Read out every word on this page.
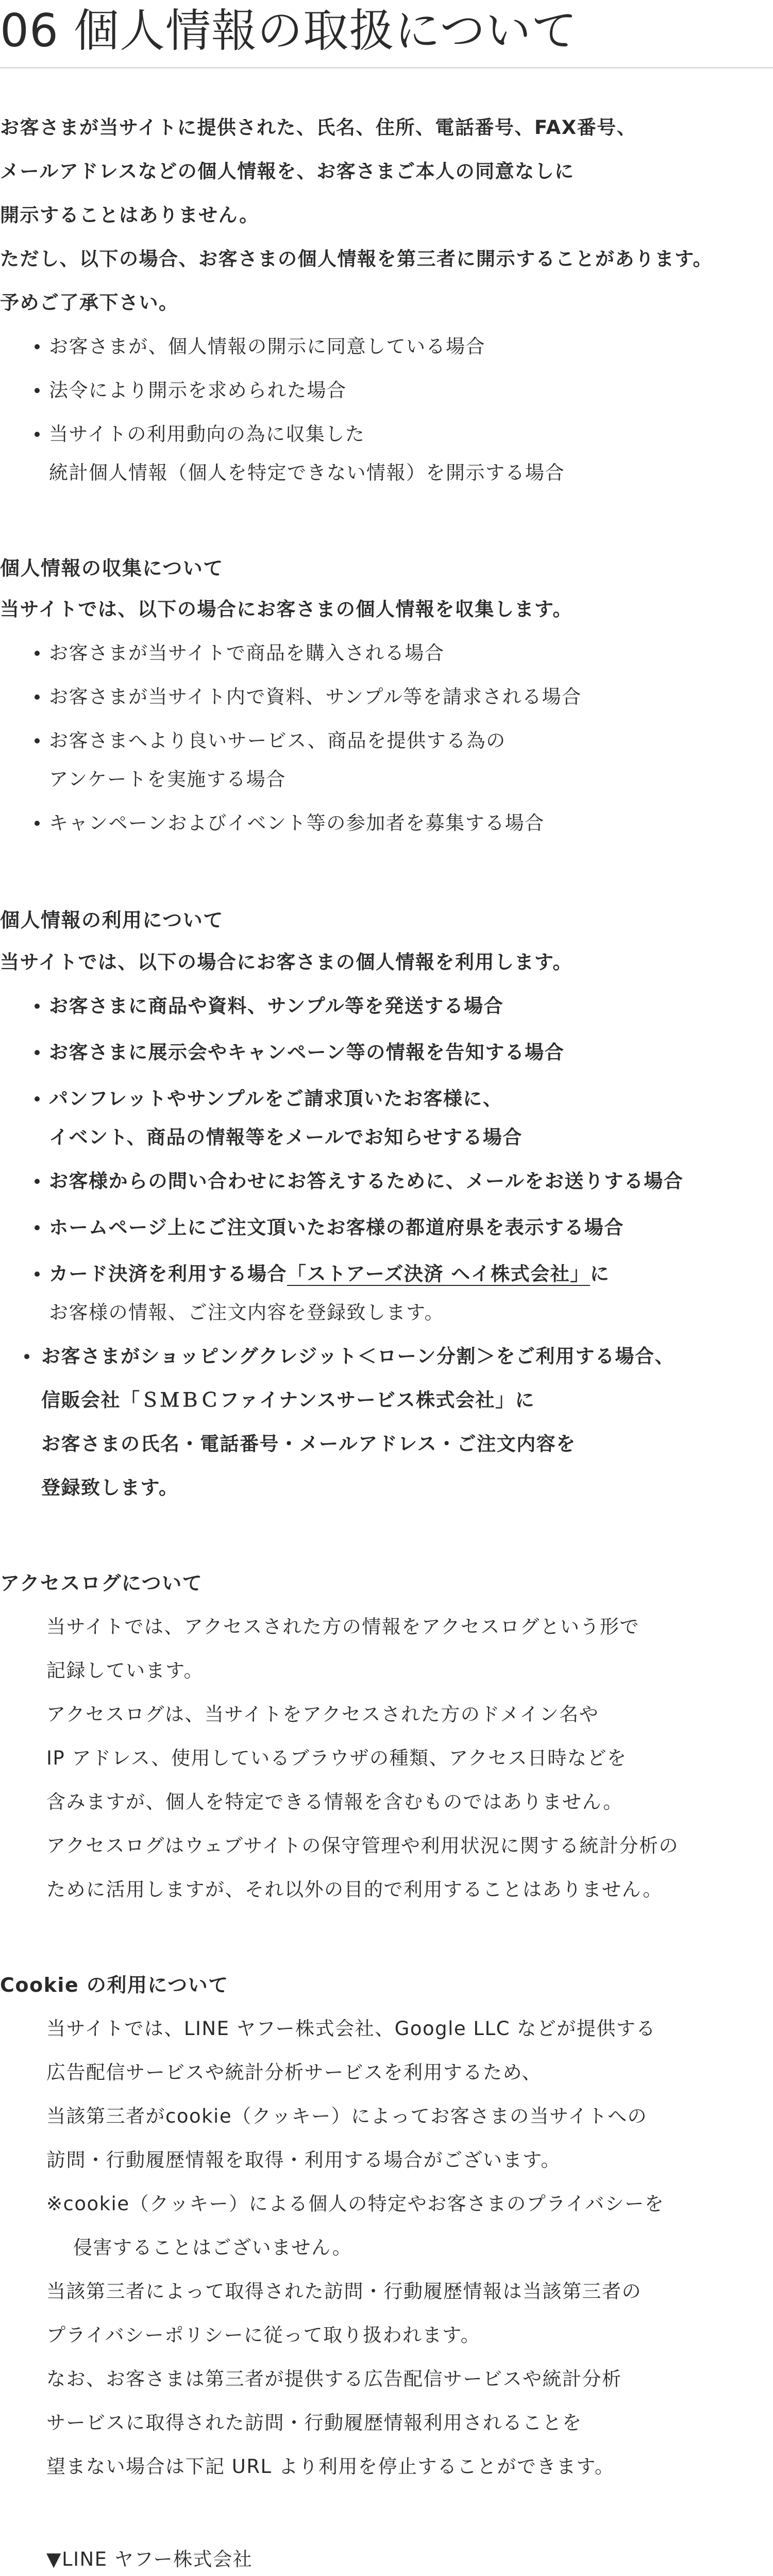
06 個人情報の取扱について

お客さまが当サイトに提供された、氏名、住所、電話番号、FAX番号、

メールアドレスなどの個人情報を、お客さまご本人の同意なしに

開示することはありません。

ただし、以下の場合、お客さまの個人情報を第三者に開示することがあります。

予めご了承下さい。

お客さまが、個人情報の開示に同意している場合

法令により開示を求められた場合

当サイトの利用動向の為に収集した

統計個人情報（個人を特定できない情報）を開示する場合

個人情報の収集について

当サイトでは、以下の場合にお客さまの個人情報を収集します。

お客さまが当サイトで商品を購入される場合

お客さまが当サイト内で資料、サンプル等を請求される場合

お客さまへより良いサービス、商品を提供する為の

アンケートを実施する場合

キャンペーンおよびイベント等の参加者を募集する場合

個人情報の利用について

当サイトでは、以下の場合にお客さまの個人情報を利用します。

お客さまに商品や資料、サンプル等を発送する場合

お客さまに展示会やキャンペーン等の情報を告知する場合

パンフレットやサンプルをご請求頂いたお客様に、

イベント、商品の情報等をメールでお知らせする場合

お客様からの問い合わせにお答えするために、メールをお送りする場合

ホームページ上にご注文頂いたお客様の都道府県を表示する場合

カード決済を利用する場合「ストアーズ決済 ヘイ株式会社」に

お客様の情報、ご注文内容を登録致します。

お客さまがショッピングクレジット＜ローン分割＞をご利用する場合、

信販会社「ＳＭＢＣファイナンスサービス株式会社」に

お客さまの氏名・電話番号・メールアドレス・ご注文内容を

登録致します。

アクセスログについて

当サイトでは、アクセスされた方の情報をアクセスログという形で

記録しています。

アクセスログは、当サイトをアクセスされた方のドメイン名や

IP アドレス、使用しているブラウザの種類、アクセス日時などを

含みますが、個人を特定できる情報を含むものではありません。

アクセスログはウェブサイトの保守管理や利用状況に関する統計分析の

ために活用しますが、それ以外の目的で利用することはありません。

Cookie の利用について

当サイトでは、LINE ヤフー株式会社、Google LLC などが提供する

広告配信サービスや統計分析サービスを利用するため、

当該第三者がcookie（クッキー）によってお客さまの当サイトへの

訪問・行動履歴情報を取得・利用する場合がございます。

※cookie（クッキー）による個人の特定やお客さまのプライバシーを

侵害することはございません。

当該第三者によって取得された訪問・行動履歴情報は当該第三者の

プライバシーポリシーに従って取り扱われます。

なお、お客さまは第三者が提供する広告配信サービスや統計分析

サービスに取得された訪問・行動履歴情報利用されることを

望まない場合は下記 URL より利用を停止することができます。

▼LINE ヤフー株式会社
